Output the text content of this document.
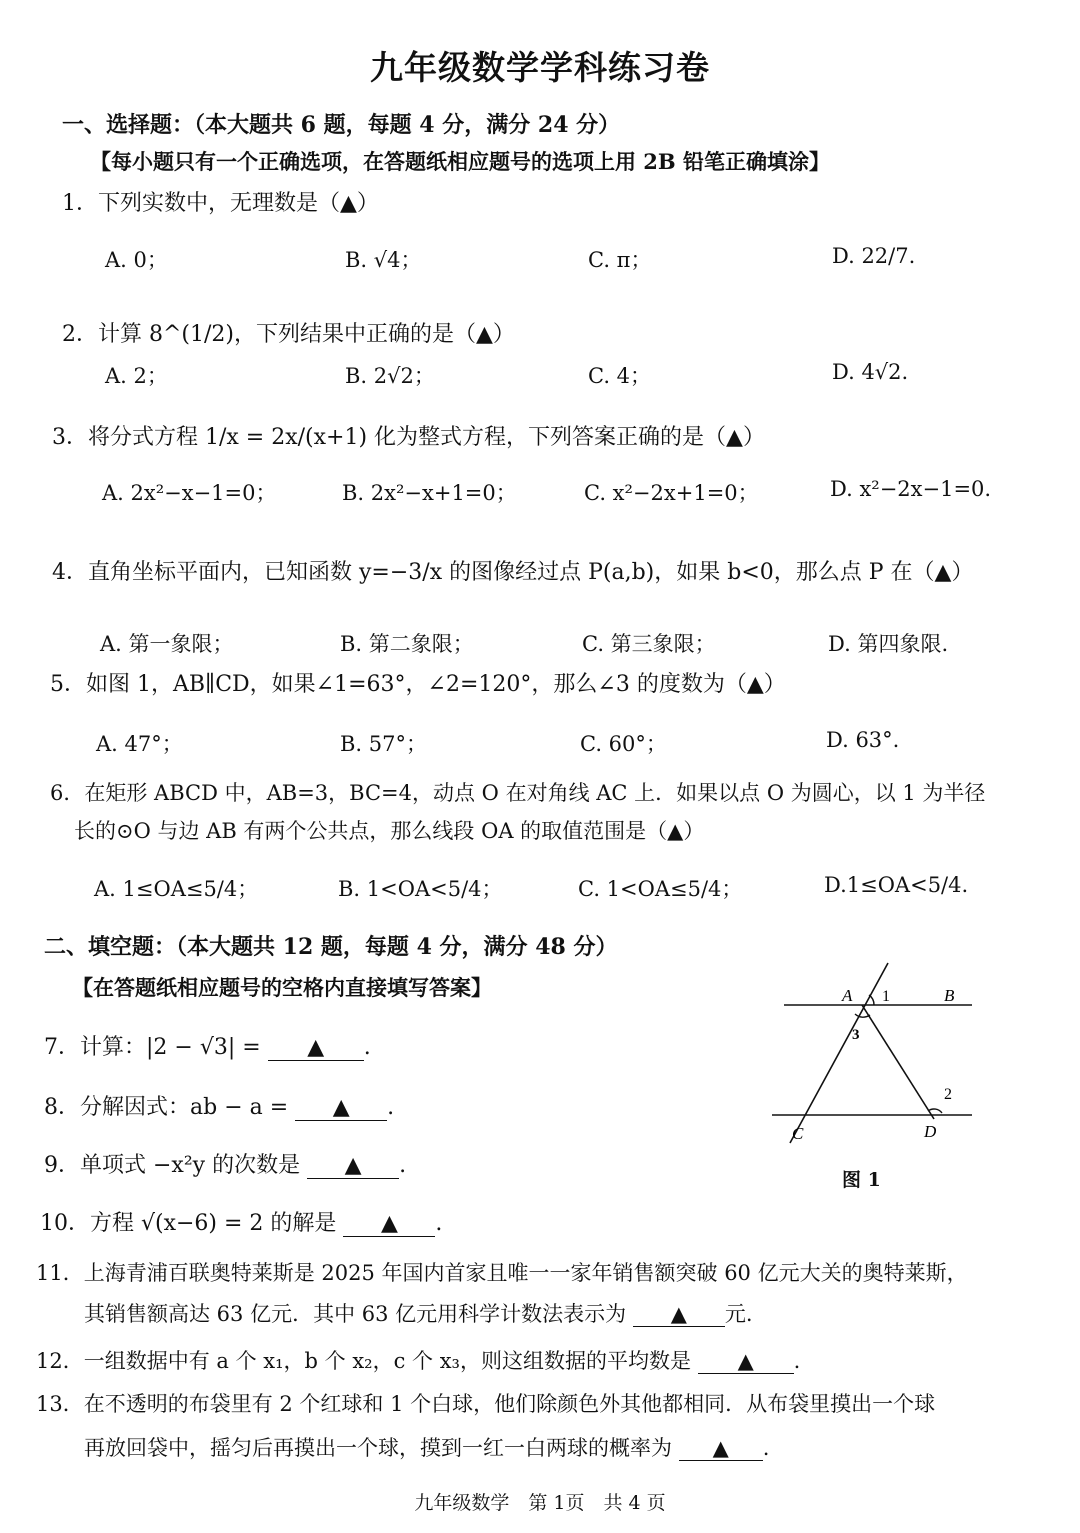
九年级数学学科练习卷
一、选择题：（本大题共 6 题，每题 4 分，满分 24 分）
【每小题只有一个正确选项，在答题纸相应题号的选项上用 2B 铅笔正确填涂】
1．下列实数中，无理数是（▲）
A. 0；	B. √4；	C. π；	D. 22/7.
2．计算 8^(1/2)，下列结果中正确的是（▲）
A. 2；	B. 2√2；	C. 4；	D. 4√2.
3．将分式方程 1/x = 2x/(x+1) 化为整式方程，下列答案正确的是（▲）
A. 2x²−x−1=0；	B. 2x²−x+1=0；	C. x²−2x+1=0；	D. x²−2x−1=0.
4．直角坐标平面内，已知函数 y=−3/x 的图像经过点 P(a,b)，如果 b<0，那么点 P 在（▲）
A. 第一象限；	B. 第二象限；	C. 第三象限；	D. 第四象限.
5．如图 1，AB∥CD，如果∠1=63°，∠2=120°，那么∠3 的度数为（▲）
A. 47°；	B. 57°；	C. 60°；	D. 63°.
6．在矩形 ABCD 中，AB=3，BC=4，动点 O 在对角线 AC 上．如果以点 O 为圆心，以 1 为半径
长的⊙O 与边 AB 有两个公共点，那么线段 OA 的取值范围是（▲）
A. 1≤OA≤5/4；	B. 1<OA<5/4；	C. 1<OA≤5/4；	D.1≤OA<5/4.
二、填空题：（本大题共 12 题，每题 4 分，满分 48 分）
【在答题纸相应题号的空格内直接填写答案】
7．计算：|2 − √3| = ▲ .
8．分解因式：ab − a = ▲ .
9．单项式 −x²y 的次数是 ▲ .
10．方程 √(x−6) = 2 的解是 ▲ .
11．上海青浦百联奥特莱斯是 2025 年国内首家且唯一一家年销售额突破 60 亿元大关的奥特莱斯，
其销售额高达 63 亿元．其中 63 亿元用科学计数法表示为 ▲ 元.
12．一组数据中有 a 个 x₁，b 个 x₂，c 个 x₃，则这组数据的平均数是 ▲ .
13．在不透明的布袋里有 2 个红球和 1 个白球，他们除颜色外其他都相同．从布袋里摸出一个球
再放回袋中，摇匀后再摸出一个球，摸到一红一白两球的概率为 ▲ .
A 1	B
3
2
C	D
图 1
九年级数学　第 1页　共 4 页
